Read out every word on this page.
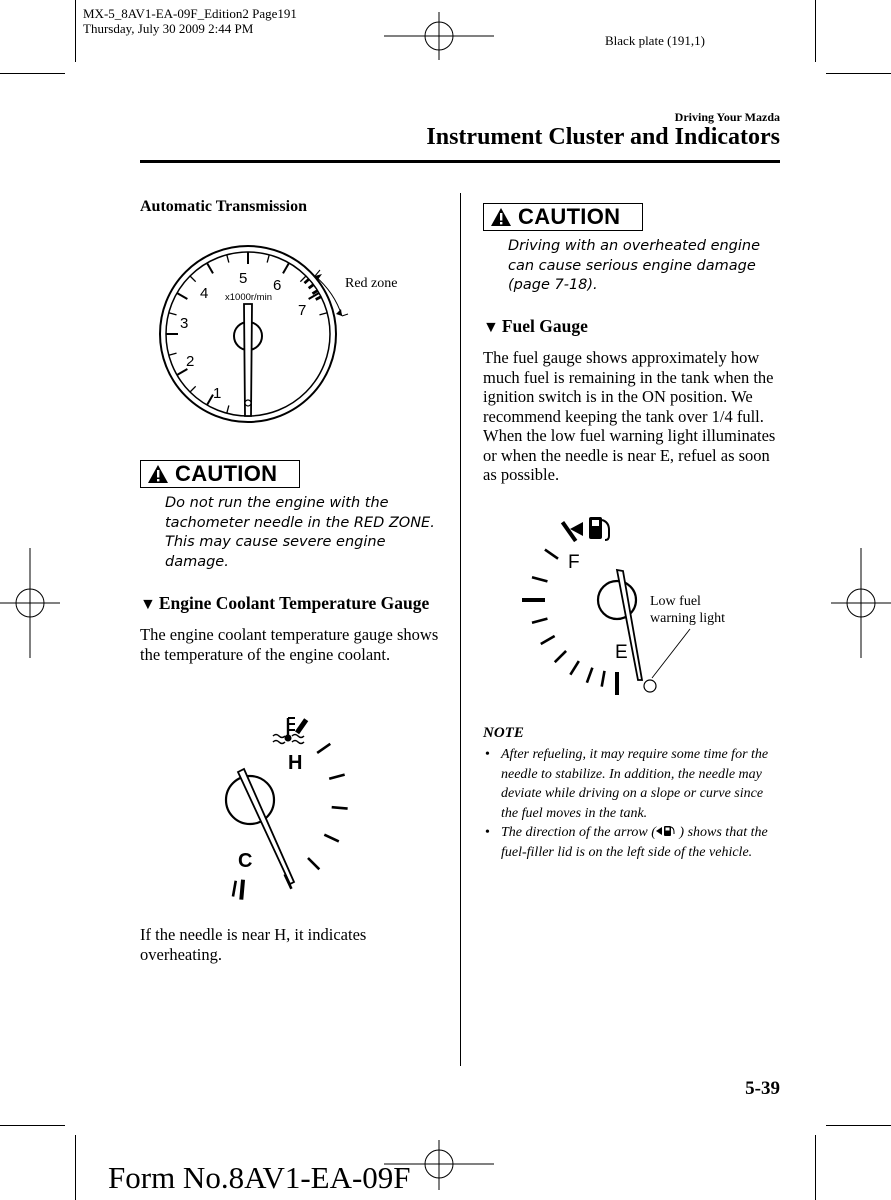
MX-5_8AV1-EA-09F_Edition2 Page191
Thursday, July 30 2009 2:44 PM
Black plate (191,1)
Driving Your Mazda
Instrument Cluster and Indicators
Automatic Transmission
1
2
3
4
5 6
7
x1000r/min
Red zone
CAUTION
Do not run the engine with the tachometer needle in the RED ZONE. This may cause severe engine damage.
▼ Engine Coolant Temperature Gauge
The engine coolant temperature gauge shows the temperature of the engine coolant.
H
C
If the needle is near H, it indicates overheating.
CAUTION
Driving with an overheated engine can cause serious engine damage (page 7-18).
▼ Fuel Gauge
The fuel gauge shows approximately how much fuel is remaining in the tank when the ignition switch is in the ON position. We recommend keeping the tank over 1/4 full. When the low fuel warning light illuminates or when the needle is near E, refuel as soon as possible.
F
E
Low fuel warning light
NOTE
• After refueling, it may require some time for the needle to stabilize. In addition, the needle may deviate while driving on a slope or curve since the fuel moves in the tank.
• The direction of the arrow ( ) shows that the fuel-filler lid is on the left side of the vehicle.
5-39
Form No.8AV1-EA-09F
